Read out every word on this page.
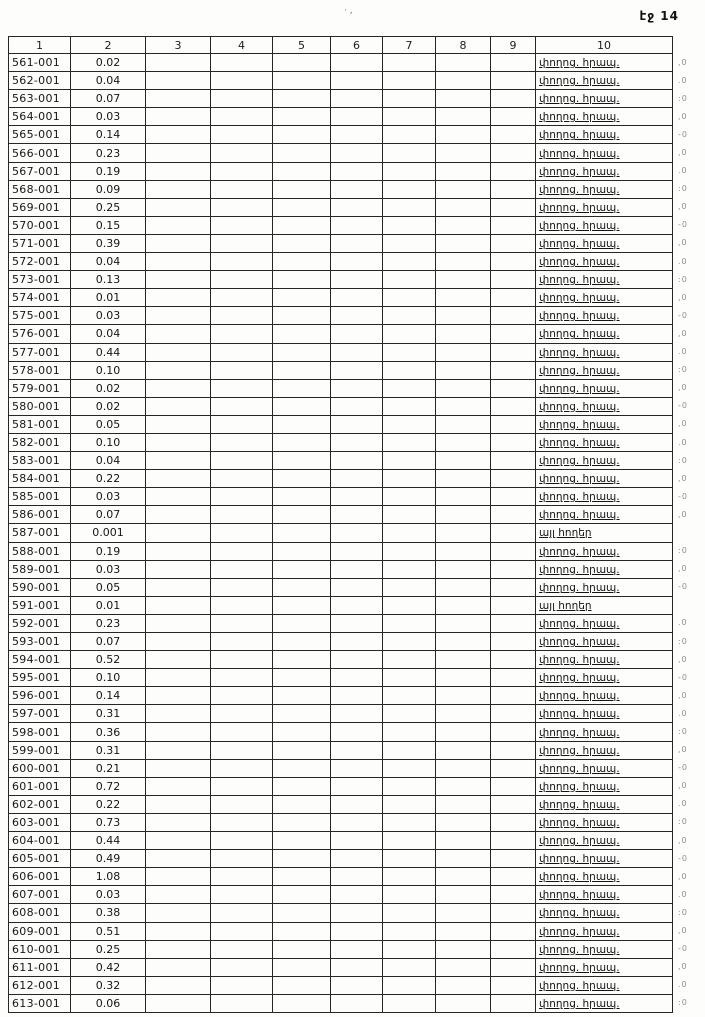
էջ 14
· ,
1	2	3	4	5	6	7	8	9	10
561-001	0.02								փողոց. հրապ.
562-001	0.04								փողոց. հրապ.
563-001	0.07								փողոց. հրապ.
564-001	0.03								փողոց. հրապ.
565-001	0.14								փողոց. հրապ.
566-001	0.23								փողոց. հրապ.
567-001	0.19								փողոց. հրապ.
568-001	0.09								փողոց. հրապ.
569-001	0.25								փողոց. հրապ.
570-001	0.15								փողոց. հրապ.
571-001	0.39								փողոց. հրապ.
572-001	0.04								փողոց. հրապ.
573-001	0.13								փողոց. հրապ.
574-001	0.01								փողոց. հրապ.
575-001	0.03								փողոց. հրապ.
576-001	0.04								փողոց. հրապ.
577-001	0.44								փողոց. հրապ.
578-001	0.10								փողոց. հրապ.
579-001	0.02								փողոց. հրապ.
580-001	0.02								փողոց. հրապ.
581-001	0.05								փողոց. հրապ.
582-001	0.10								փողոց. հրապ.
583-001	0.04								փողոց. հրապ.
584-001	0.22								փողոց. հրապ.
585-001	0.03								փողոց. հրապ.
586-001	0.07								փողոց. հրապ.
587-001	0.001								այլ հողեր
588-001	0.19								փողոց. հրապ.
589-001	0.03								փողոց. հրապ.
590-001	0.05								փողոց. հրապ.
591-001	0.01								այլ հողեր
592-001	0.23								փողոց. հրապ.
593-001	0.07								փողոց. հրապ.
594-001	0.52								փողոց. հրապ.
595-001	0.10								փողոց. հրապ.
596-001	0.14								փողոց. հրապ.
597-001	0.31								փողոց. հրապ.
598-001	0.36								փողոց. հրապ.
599-001	0.31								փողոց. հրապ.
600-001	0.21								փողոց. հրապ.
601-001	0.72								փողոց. հրապ.
602-001	0.22								փողոց. հրապ.
603-001	0.73								փողոց. հրապ.
604-001	0.44								փողոց. հրապ.
605-001	0.49								փողոց. հրապ.
606-001	1.08								փողոց. հրապ.
607-001	0.03								փողոց. հրապ.
608-001	0.38								փողոց. հրապ.
609-001	0.51								փողոց. հրապ.
610-001	0.25								փողոց. հրապ.
611-001	0.42								փողոց. հրապ.
612-001	0.32								փողոց. հրապ.
613-001	0.06								փողոց. հրապ.
,0
.0
:0
,0
-0
,0
.0
:0
,0
-0
,0
.0
:0
,0
-0
,0
.0
:0
,0
-0
,0
.0
:0
,0
-0
,0
:0
,0
-0
.0
:0
,0
-0
,0
.0
:0
,0
-0
,0
.0
:0
,0
-0
,0
.0
:0
,0
-0
,0
.0
:0
